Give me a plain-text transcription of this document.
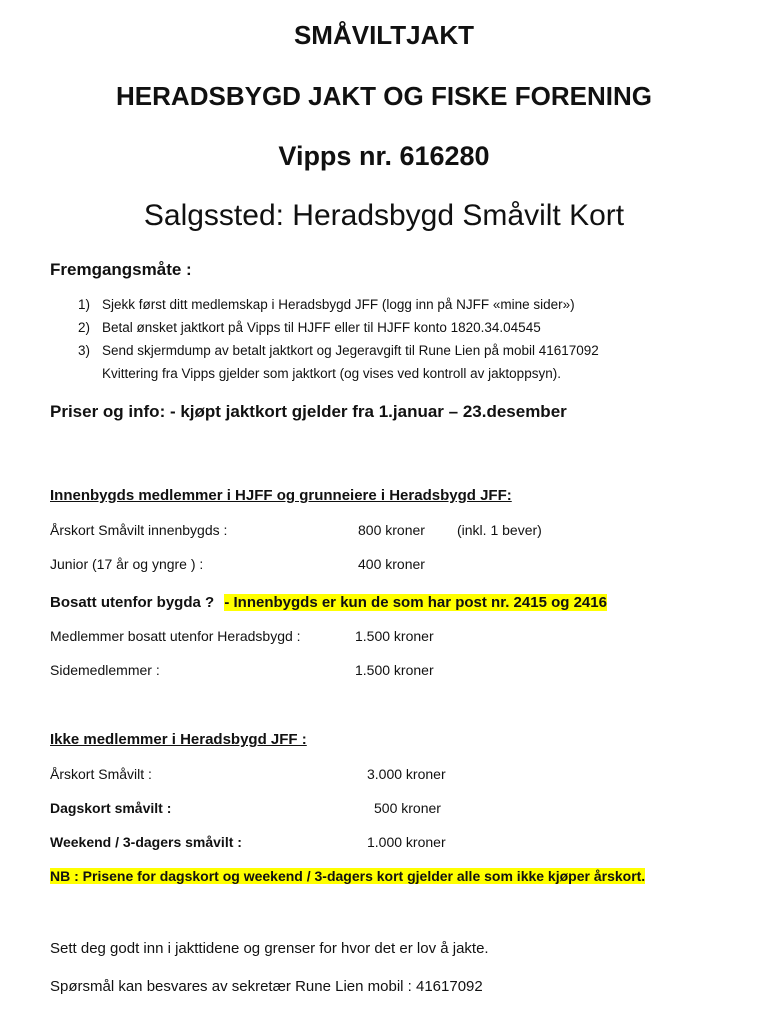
SMÅVILTJAKT
HERADSBYGD JAKT OG FISKE FORENING
Vipps nr. 616280
Salgssted: Heradsbygd Småvilt Kort
Fremgangsmåte :
1) Sjekk først ditt medlemskap i Heradsbygd JFF (logg inn på NJFF «mine sider»)
2) Betal ønsket jaktkort på Vipps til HJFF eller til HJFF konto 1820.34.04545
3) Send skjermdump av betalt jaktkort og Jegeravgift til Rune Lien på mobil 41617092
Kvittering fra Vipps gjelder som jaktkort (og vises ved kontroll av jaktoppsyn).
Priser og info: - kjøpt jaktkort gjelder fra 1.januar – 23.desember
Innenbygds medlemmer i HJFF og grunneiere i Heradsbygd JFF:
Årskort Småvilt innenbygds :	800 kroner (inkl. 1 bever)
Junior (17 år og yngre ) :	400 kroner
Bosatt utenfor bygda ? - Innenbygds er kun de som har post nr. 2415 og 2416
Medlemmer bosatt utenfor Heradsbygd :	1.500 kroner
Sidemedlemmer :	1.500 kroner
Ikke medlemmer i Heradsbygd JFF :
Årskort Småvilt :	3.000 kroner
Dagskort småvilt :	500 kroner
Weekend / 3-dagers småvilt :	1.000 kroner
NB : Prisene for dagskort og weekend / 3-dagers kort gjelder alle som ikke kjøper årskort.
Sett deg godt inn i jakttidene og grenser for hvor det er lov å jakte.
Spørsmål kan besvares av sekretær Rune Lien mobil : 41617092
